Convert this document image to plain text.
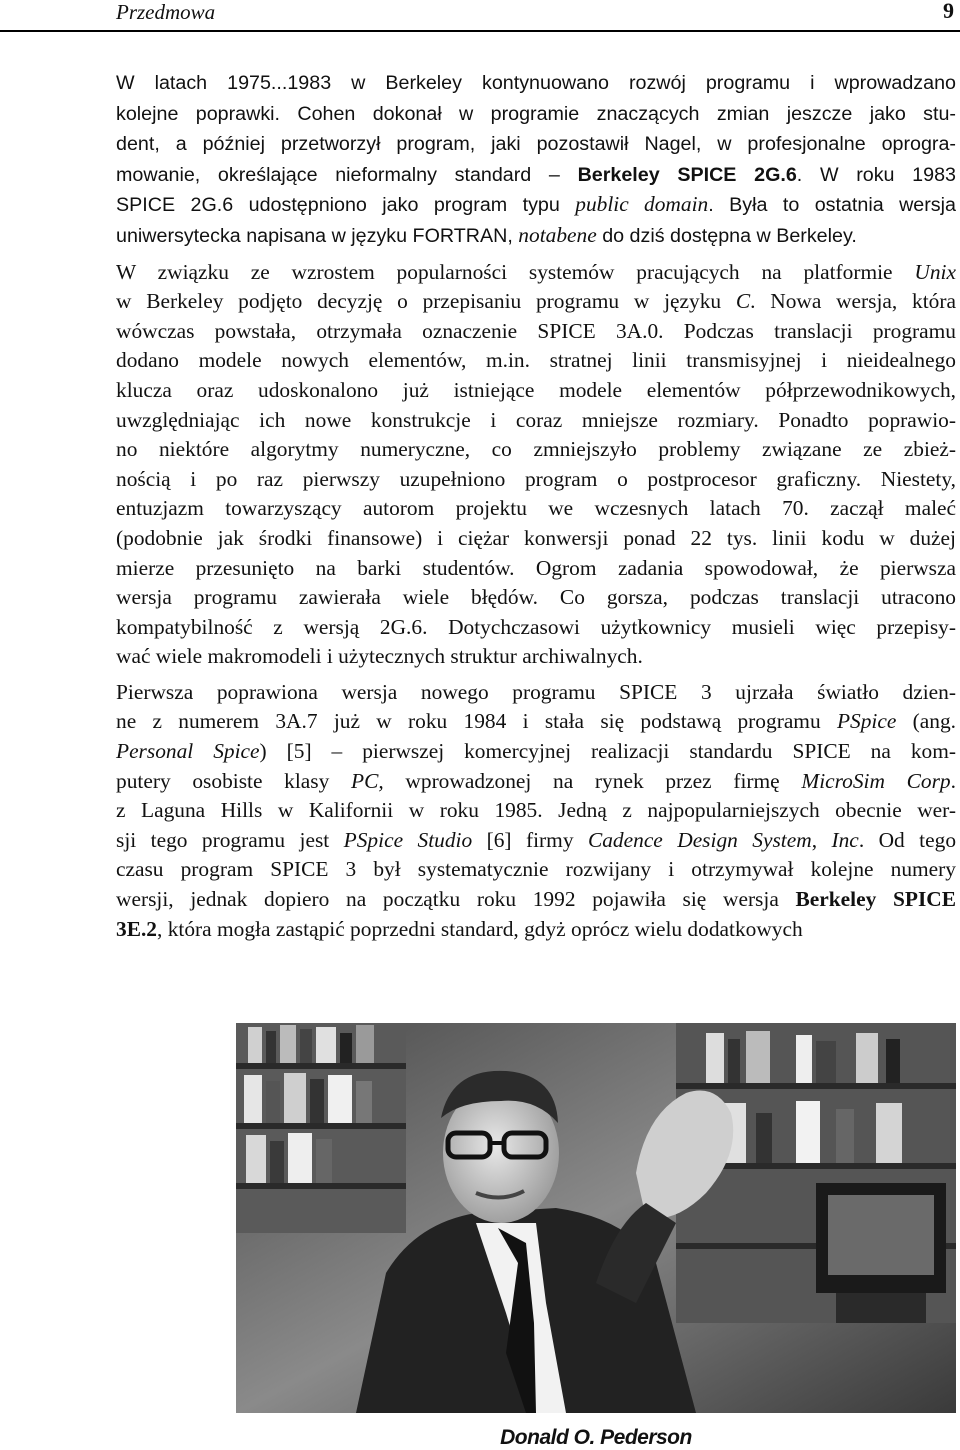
Przedmowa	9
W latach 1975...1983 w Berkeley kontynuowano rozwój programu i wprowadzano
kolejne poprawki. Cohen dokonał w programie znaczących zmian jeszcze jako stu-
dent, a później przetworzył program, jaki pozostawił Nagel, w profesjonalne oprogra-
mowanie, określające nieformalny standard – Berkeley SPICE 2G.6. W roku 1983
SPICE 2G.6 udostępniono jako program typu public domain. Była to ostatnia wersja
uniwersytecka napisana w języku FORTRAN, notabene do dziś dostępna w Berkeley.
W związku ze wzrostem popularności systemów pracujących na platformie Unix
w Berkeley podjęto decyzję o przepisaniu programu w języku C. Nowa wersja, która
wówczas powstała, otrzymała oznaczenie SPICE 3A.0. Podczas translacji programu
dodano modele nowych elementów, m.in. stratnej linii transmisyjnej i nieidealnego
klucza oraz udoskonalono już istniejące modele elementów półprzewodnikowych,
uwzględniając ich nowe konstrukcje i coraz mniejsze rozmiary. Ponadto poprawio-
no niektóre algorytmy numeryczne, co zmniejszyło problemy związane ze zbież-
nością i po raz pierwszy uzupełniono program o postprocesor graficzny. Niestety,
entuzjazm towarzyszący autorom projektu we wczesnych latach 70. zaczął maleć
(podobnie jak środki finansowe) i ciężar konwersji ponad 22 tys. linii kodu w dużej
mierze przesunięto na barki studentów. Ogrom zadania spowodował, że pierwsza
wersja programu zawierała wiele błędów. Co gorsza, podczas translacji utracono
kompatybilność z wersją 2G.6. Dotychczasowi użytkownicy musieli więc przepisy-
wać wiele makromodeli i użytecznych struktur archiwalnych.
Pierwsza poprawiona wersja nowego programu SPICE 3 ujrzała światło dzien-
ne z numerem 3A.7 już w roku 1984 i stała się podstawą programu PSpice (ang.
Personal Spice) [5] – pierwszej komercyjnej realizacji standardu SPICE na kom-
putery osobiste klasy PC, wprowadzonej na rynek przez firmę MicroSim Corp.
z Laguna Hills w Kalifornii w roku 1985. Jedną z najpopularniejszych obecnie wer-
sji tego programu jest PSpice Studio [6] firmy Cadence Design System, Inc. Od tego
czasu program SPICE 3 był systematycznie rozwijany i otrzymywał kolejne numery
wersji, jednak dopiero na początku roku 1992 pojawiła się wersja Berkeley SPICE
3E.2, która mogła zastąpić poprzedni standard, gdyż oprócz wielu dodatkowych
Donald O. Pederson
